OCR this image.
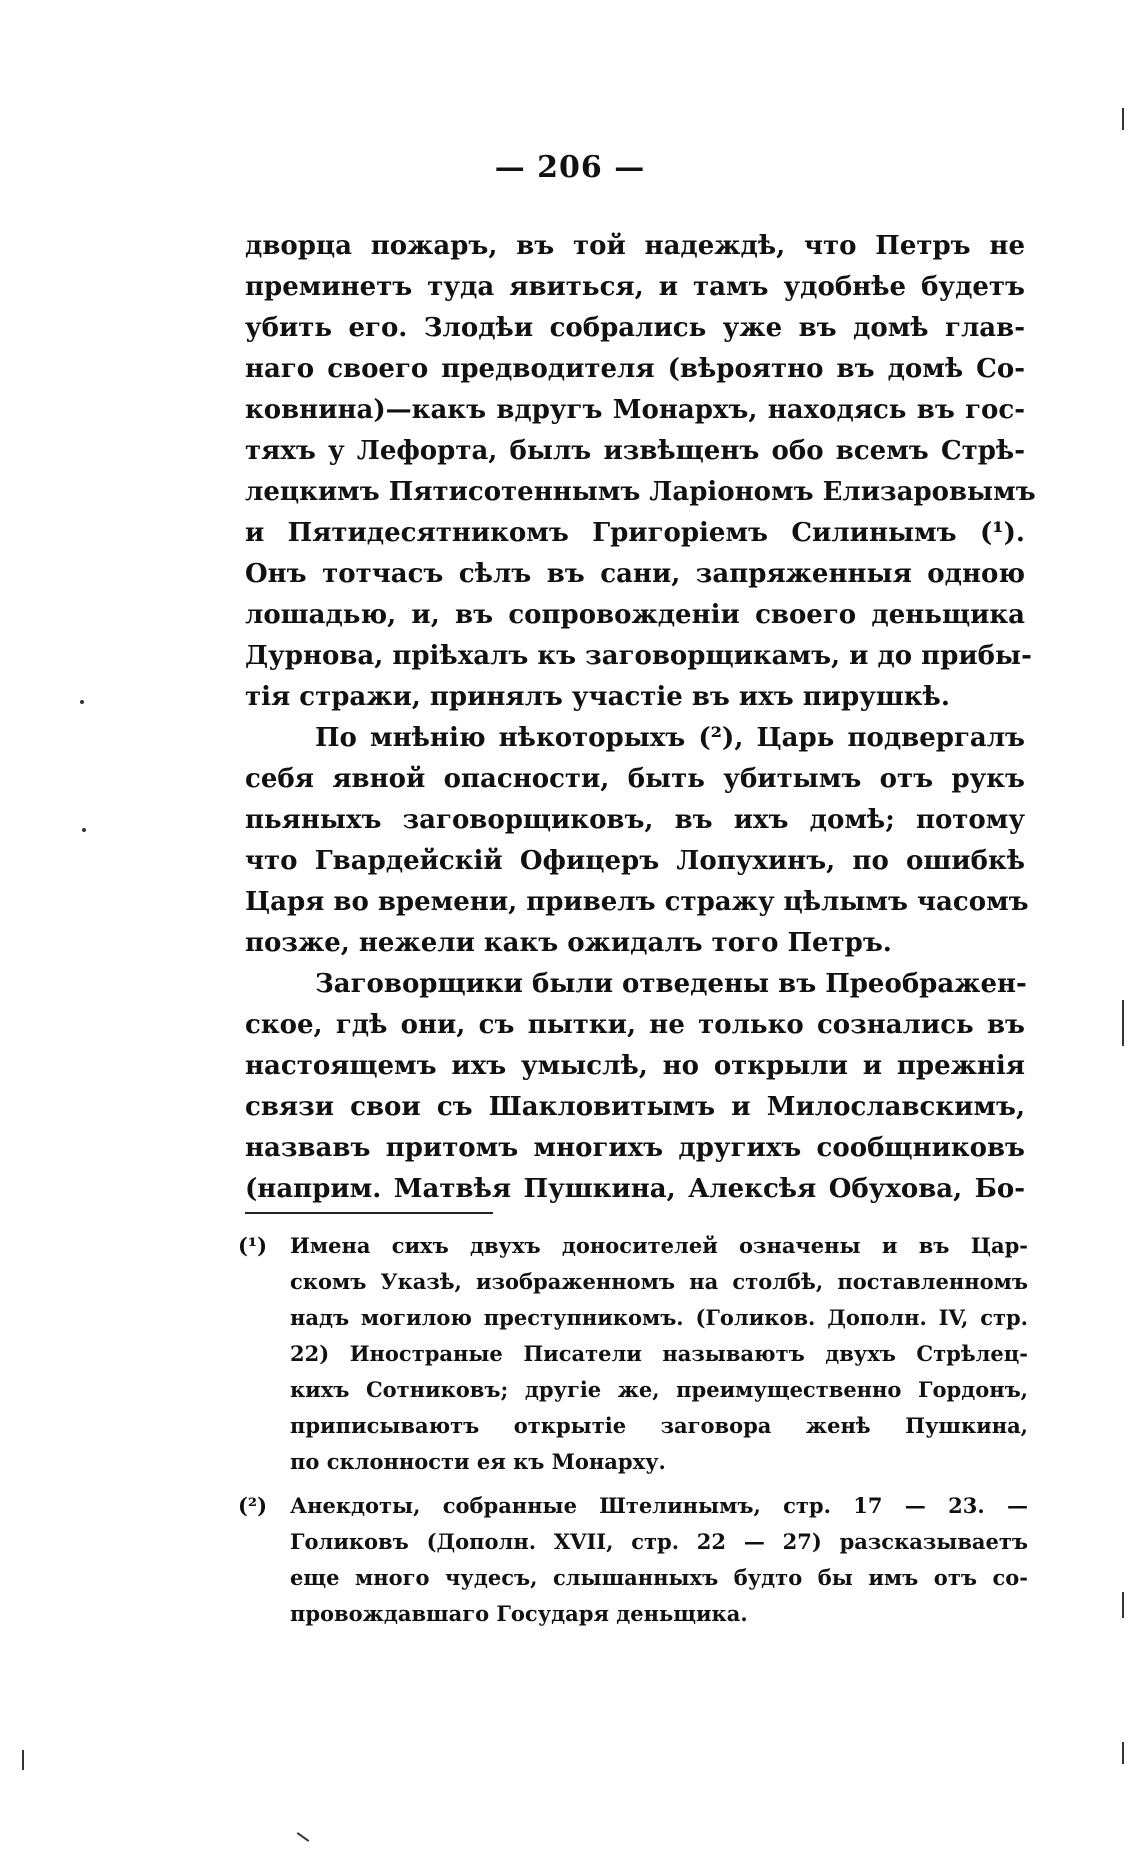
— 206 —
дворца пожаръ, въ той надеждѣ, что Петръ не
преминетъ туда явиться, и тамъ удобнѣе будетъ
убить его. Злодѣи собрались уже въ домѣ глав-
наго своего предводителя (вѣроятно въ домѣ Со-
ковнина)—какъ вдругъ Монархъ, находясь въ гос-
тяхъ у Лефорта, былъ извѣщенъ обо всемъ Стрѣ-
лецкимъ Пятисотеннымъ Ларiономъ Елизаровымъ
и Пятидесятникомъ Григорiемъ Силинымъ (¹).
Онъ тотчасъ сѣлъ въ сани, запряженныя одною
лошадью, и, въ сопровожденiи своего деньщика
Дурнова, прiѣхалъ къ заговорщикамъ, и до прибы-
тiя стражи, принялъ участiе въ ихъ пирушкѣ.
По мнѣнiю нѣкоторыхъ (²), Царь подвергалъ
себя явной опасности, быть убитымъ отъ рукъ
пьяныхъ заговорщиковъ, въ ихъ домѣ; потому
что Гвардейскiй Офицеръ Лопухинъ, по ошибкѣ
Царя во времени, привелъ стражу цѣлымъ часомъ
позже, нежели какъ ожидалъ того Петръ.
Заговорщики были отведены въ Преображен-
ское, гдѣ они, съ пытки, не только сознались въ
настоящемъ ихъ умыслѣ, но открыли и прежнiя
связи свои съ Шакловитымъ и Милославскимъ,
назвавъ притомъ многихъ другихъ сообщниковъ
(наприм. Матвѣя Пушкина, Алексѣя Обухова, Бо-
(¹) Имена сихъ двухъ доносителей означены и въ Цар-
скомъ Указѣ, изображенномъ на столбѣ, поставленномъ
надъ могилою преступникомъ. (Голиков. Дополн. IV, стр.
22) Иностраные Писатели называютъ двухъ Стрѣлец-
кихъ Сотниковъ; другiе же, преимущественно Гордонъ,
приписываютъ открытiе заговора женѣ Пушкина,
по склонности ея къ Монарху.
(²) Анекдоты, собранные Штелинымъ, стр. 17 — 23. —
Голиковъ (Дополн. XVII, стр. 22 — 27) разсказываетъ
еще много чудесъ, слышанныхъ будто бы имъ отъ со-
провождавшаго Государя деньщика.
